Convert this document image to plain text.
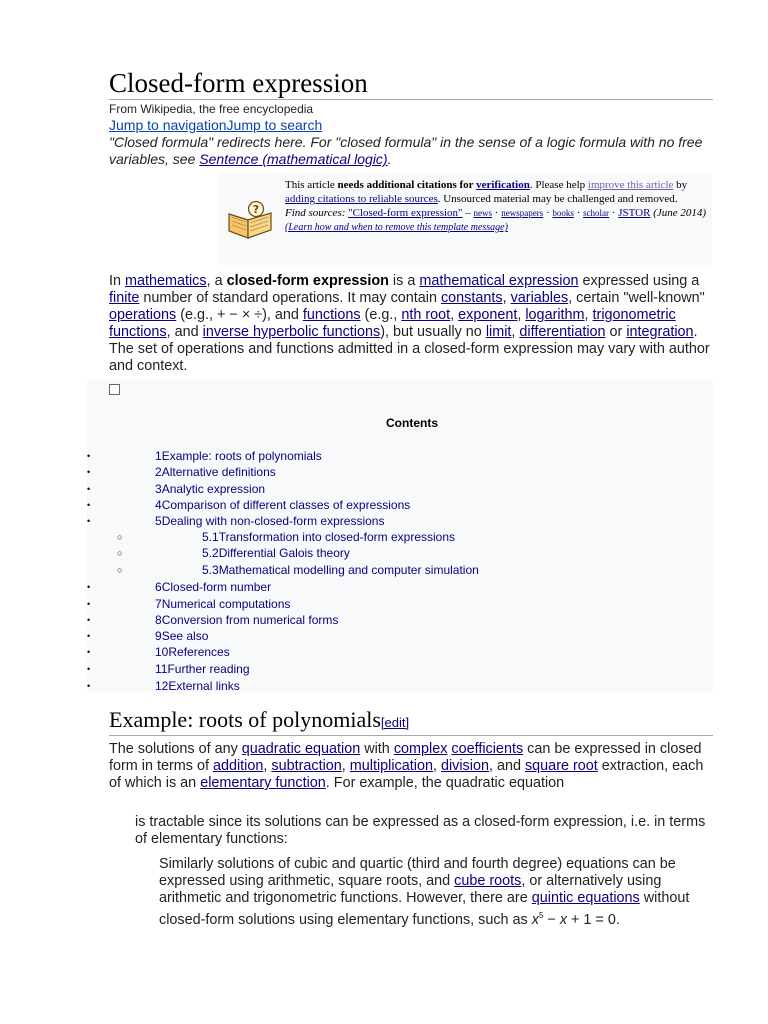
Closed-form expression
From Wikipedia, the free encyclopedia
Jump to navigationJump to search
"Closed formula" redirects here. For "closed formula" in the sense of a logic formula with no free variables, see Sentence (mathematical logic).
?
This article needs additional citations for verification. Please help improve this article by adding citations to reliable sources. Unsourced material may be challenged and removed.
Find sources: "Closed-form expression" – news · newspapers · books · scholar · JSTOR (June 2014) (Learn how and when to remove this template message)
In mathematics, a closed-form expression is a mathematical expression expressed using a finite number of standard operations. It may contain constants, variables, certain "well-known" operations (e.g., + − × ÷), and functions (e.g., nth root, exponent, logarithm, trigonometric functions, and inverse hyperbolic functions), but usually no limit, differentiation or integration. The set of operations and functions admitted in a closed-form expression may vary with author and context.
Contents
•	1Example: roots of polynomials
•	2Alternative definitions
•	3Analytic expression
•	4Comparison of different classes of expressions
•	5Dealing with non-closed-form expressions
○	5.1Transformation into closed-form expressions
○	5.2Differential Galois theory
○	5.3Mathematical modelling and computer simulation
•	6Closed-form number
•	7Numerical computations
•	8Conversion from numerical forms
•	9See also
•	10References
•	11Further reading
•	12External links
Example: roots of polynomials[edit]
The solutions of any quadratic equation with complex coefficients can be expressed in closed form in terms of addition, subtraction, multiplication, division, and square root extraction, each of which is an elementary function. For example, the quadratic equation
is tractable since its solutions can be expressed as a closed-form expression, i.e. in terms of elementary functions:
Similarly solutions of cubic and quartic (third and fourth degree) equations can be expressed using arithmetic, square roots, and cube roots, or alternatively using arithmetic and trigonometric functions. However, there are quintic equations without closed-form solutions using elementary functions, such as $x^5 - x + 1 = 0$.
